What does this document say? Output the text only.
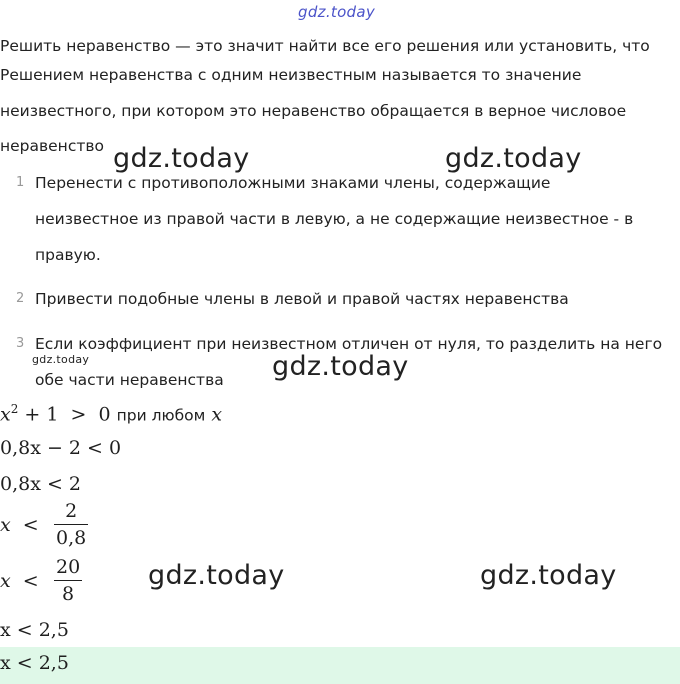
gdz.today
gdz.today	gdz.today
gdz.today	gdz.today
gdz.today	gdz.today
Решить неравенство — это значит найти все его решения или установить, что
Решением неравенства с одним неизвестным называется то значение
неизвестного, при котором это неравенство обращается в верное числовое
неравенство
1 Перенести с противоположными знаками члены, содержащие
неизвестное из правой части в левую, а не содержащие неизвестное - в
правую.
2 Привести подобные члены в левой и правой частях неравенства
3 Если коэффициент при неизвестном отличен от нуля, то разделить на него
обе части неравенства
$x^2 + 1 > 0$ при любом x
0,8x − 2 < 0
0,8x < 2
x  <
2
0,8
x  <
20
8
x < 2,5
x < 2,5
